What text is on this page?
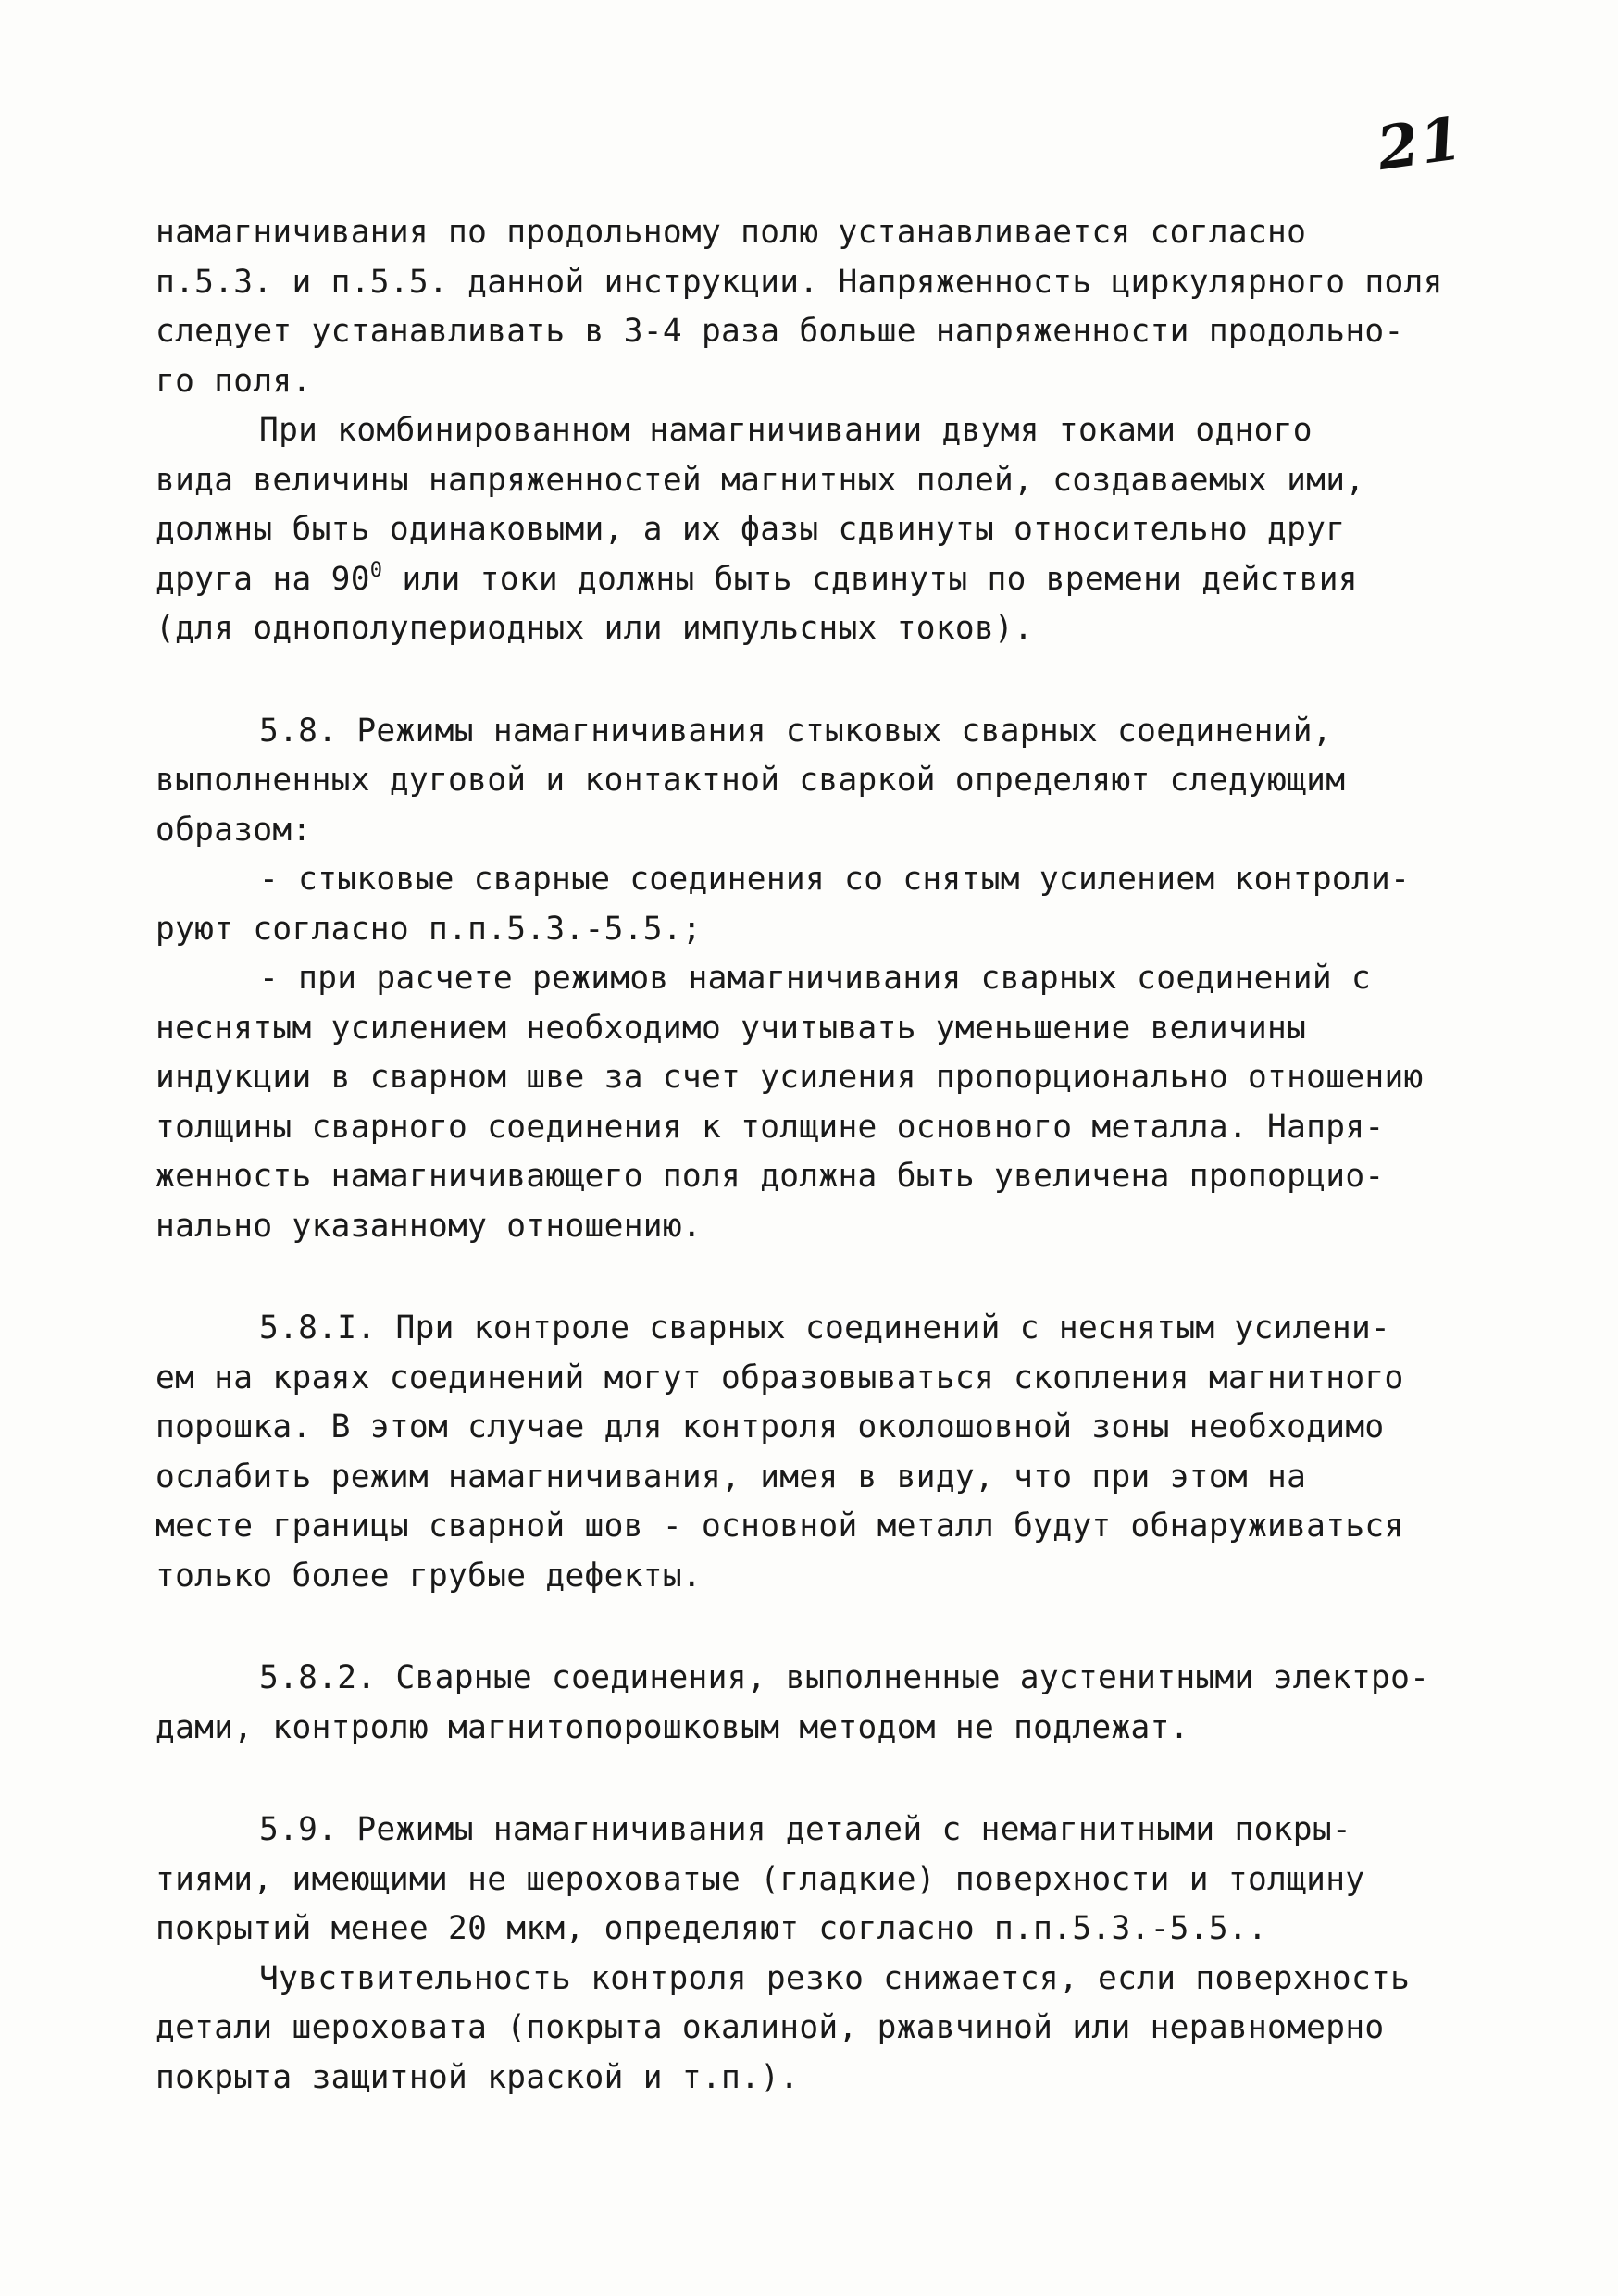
21
намагничивания по продольному полю устанавливается согласно
п.5.3. и п.5.5. данной инструкции. Напряженность циркулярного поля
следует устанавливать в 3-4 раза больше напряженности продольно-
го поля.
При комбинированном намагничивании двумя токами одного
вида величины напряженностей магнитных полей, создаваемых ими,
должны быть одинаковыми, а их фазы сдвинуты относительно друг
друга на $90^0$ или токи должны быть сдвинуты по времени действия
(для однополупериодных или импульсных токов).
5.8. Режимы намагничивания стыковых сварных соединений,
выполненных дуговой и контактной сваркой определяют следующим
образом:
- стыковые сварные соединения со снятым усилением контроли-
руют согласно п.п.5.3.-5.5.;
- при расчете режимов намагничивания сварных соединений с
неснятым усилением необходимо учитывать уменьшение величины
индукции в сварном шве за счет усиления пропорционально отношению
толщины сварного соединения к толщине основного металла. Напря-
женность намагничивающего поля должна быть увеличена пропорцио-
нально указанному отношению.
5.8.I. При контроле сварных соединений с неснятым усилени-
ем на краях соединений могут образовываться скопления магнитного
порошка. В этом случае для контроля околошовной зоны необходимо
ослабить режим намагничивания, имея в виду, что при этом на
месте границы сварной шов - основной металл будут обнаруживаться
только более грубые дефекты.
5.8.2. Сварные соединения, выполненные аустенитными электро-
дами, контролю магнитопорошковым методом не подлежат.
5.9. Режимы намагничивания деталей с немагнитными покры-
тиями, имеющими не шероховатые (гладкие) поверхности и толщину
покрытий менее 20 мкм, определяют согласно п.п.5.3.-5.5..
Чувствительность контроля резко снижается, если поверхность
детали шероховата (покрыта окалиной, ржавчиной или неравномерно
покрыта защитной краской и т.п.).
